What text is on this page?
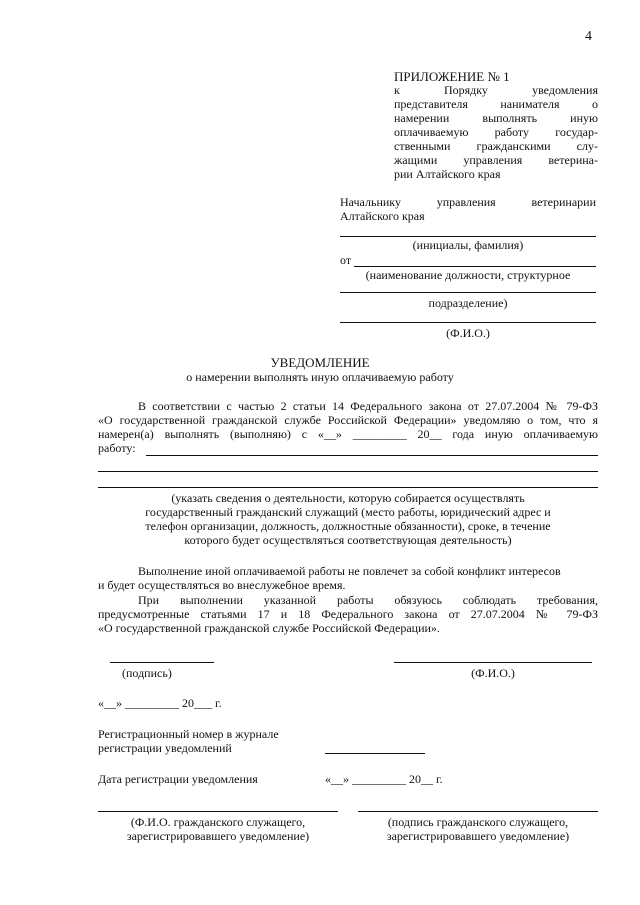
4
ПРИЛОЖЕНИЕ № 1
к Порядку уведомления
представителя нанимателя о
намерении выполнять иную
оплачиваемую работу государ-
ственными гражданскими слу-
жащими управления ветерина-
рии Алтайского края
Начальнику управления ветеринарии
Алтайского края
(инициалы, фамилия)
от
(наименование должности, структурное
подразделение)
(Ф.И.О.)
УВЕДОМЛЕНИЕ
о намерении выполнять иную оплачиваемую работу
В соответствии с частью 2 статьи 14 Федерального закона от 27.07.2004 № 79-ФЗ
«О государственной гражданской службе Российской Федерации» уведомляю о том, что я
намерен(а) выполнять (выполняю) с «__» _________ 20__ года иную оплачиваемую
работу:
(указать сведения о деятельности, которую собирается осуществлять
государственный гражданский служащий (место работы, юридический адрес и
телефон организации, должность, должностные обязанности), сроке, в течение
которого будет осуществляться соответствующая деятельность)
Выполнение иной оплачиваемой работы не повлечет за собой конфликт интересов
и будет осуществляться во внеслужебное время.
При выполнении указанной работы обязуюсь соблюдать требования,
предусмотренные статьями 17 и 18 Федерального закона от 27.07.2004 № 79-ФЗ
«О государственной гражданской службе Российской Федерации».
(подпись)	(Ф.И.О.)
«__» _________ 20___ г.
Регистрационный номер в журнале
регистрации уведомлений
Дата регистрации уведомления	«__» _________ 20__ г.
(Ф.И.О. гражданского служащего,
зарегистрировавшего уведомление)
(подпись гражданского служащего,
зарегистрировавшего уведомление)
